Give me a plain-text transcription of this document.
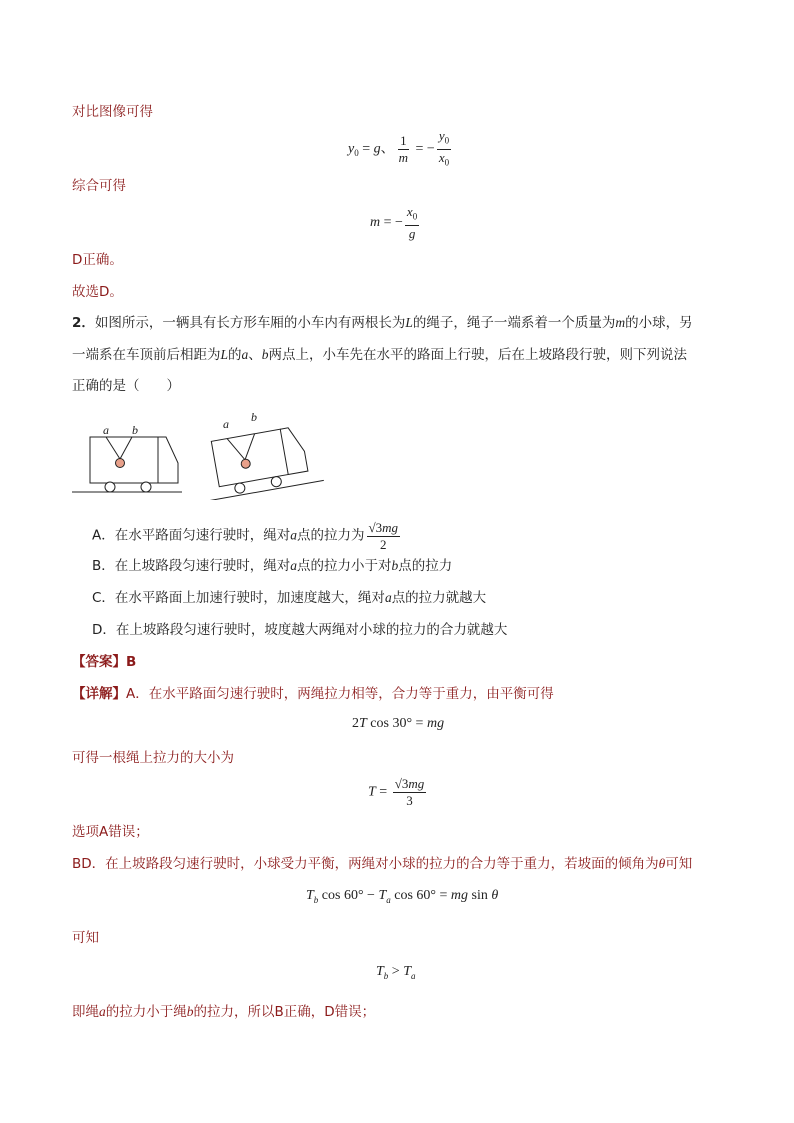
对比图像可得
$y_0 = g$、 $\frac{1}{m}$ = − $\frac{y_0}{x_0}$
综合可得
m = − $\frac{x_0}{g}$
D正确。
故选D。
2．如图所示，一辆具有长方形车厢的小车内有两根长为L的绳子，绳子一端系着一个质量为m的小球，另
一端系在车顶前后相距为L的a、b两点上，小车先在水平的路面上行驶，后在上坡路段行驶，则下列说法
正确的是（　　）
a b	a b
A．在水平路面匀速行驶时，绳对a点的拉力为 $\frac{√3mg}{2}$
B．在上坡路段匀速行驶时，绳对a点的拉力小于对b点的拉力
C．在水平路面上加速行驶时，加速度越大，绳对a点的拉力就越大
D．在上坡路段匀速行驶时，坡度越大两绳对小球的拉力的合力就越大
【答案】B
【详解】A．在水平路面匀速行驶时，两绳拉力相等，合力等于重力，由平衡可得
2T cos 30° = mg
可得一根绳上拉力的大小为
$T = \frac{√3mg}{3}$
选项A错误；
BD．在上坡路段匀速行驶时，小球受力平衡，两绳对小球的拉力的合力等于重力，若坡面的倾角为θ可知
$T_b$ $\cos 60^\circ - T_a$ cos 60° = mg sin θ
可知
$T_b > T_a$
即绳a的拉力小于绳b的拉力，所以B正确，D错误；
